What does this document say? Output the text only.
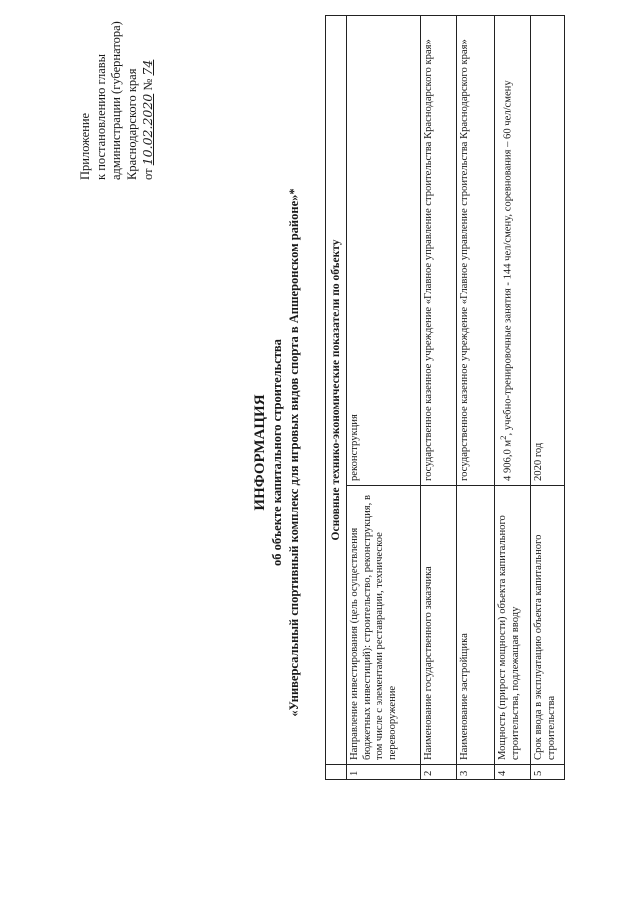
Приложение к постановлению главы администрации (губернатора) Краснодарского края от 10.02.2020 № 74
ИНФОРМАЦИЯ об объекте капитального строительства «Универсальный спортивный комплекс для игровых видов спорта в Апшеронском районе»*
		Основные технико-экономические показатели по объекту	
1	Направление инвестирования (цель осуществления бюджетных инвестиций): строительство, реконструкция, в том числе с элементами реставрации, техническое перевооружение	реконструкция
2	Наименование государственного заказчика	государственное казенное учреждение «Главное управление строительства Краснодарского края»
3	Наименование застройщика	государственное казенное учреждение «Главное управление строительства Краснодарского края»
4	Мощность (прирост мощности) объекта капитального строительства, подлежащая вводу	4 906,0 $м^2$, учебно-тренировочные занятия - 144 чел/смену, соревнования – 60 чел/смену
5	Срок ввода в эксплуатацию объекта капитального строительства	2020 год
